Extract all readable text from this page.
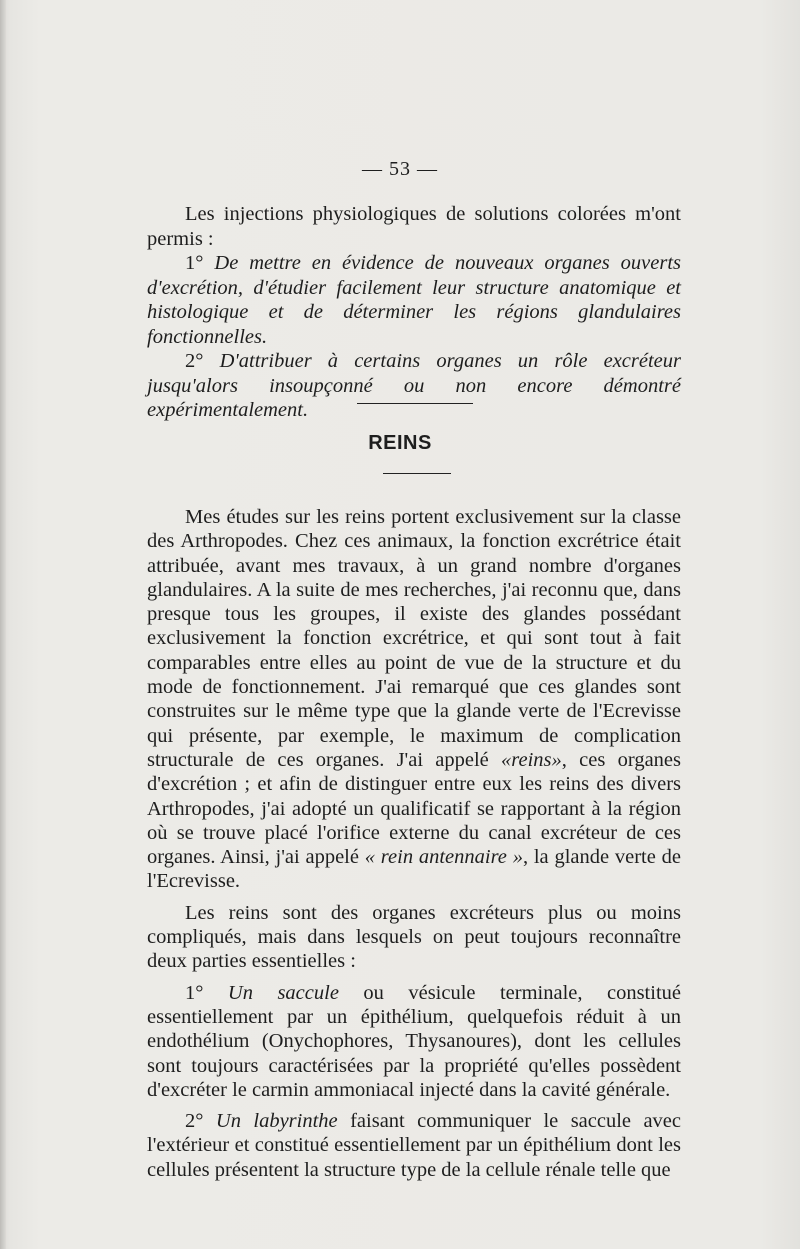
— 53 —

Les injections physiologiques de solutions colorées m'ont permis :

1° De mettre en évidence de nouveaux organes ouverts d'excrétion, d'étudier facilement leur structure anatomique et histologique et de déterminer les régions glandulaires fonctionnelles.

2° D'attribuer à certains organes un rôle excréteur jusqu'alors insoupçonné ou non encore démontré expérimentalement.

REINS

Mes études sur les reins portent exclusivement sur la classe des Arthropodes. Chez ces animaux, la fonction excrétrice était attribuée, avant mes travaux, à un grand nombre d'organes glandulaires. A la suite de mes recherches, j'ai reconnu que, dans presque tous les groupes, il existe des glandes possédant exclusivement la fonction excrétrice, et qui sont tout à fait comparables entre elles au point de vue de la structure et du mode de fonctionnement. J'ai remarqué que ces glandes sont construites sur le même type que la glande verte de l'Ecrevisse qui présente, par exemple, le maximum de complication structurale de ces organes. J'ai appelé «reins», ces organes d'excrétion ; et afin de distinguer entre eux les reins des divers Arthropodes, j'ai adopté un qualificatif se rapportant à la région où se trouve placé l'orifice externe du canal excréteur de ces organes. Ainsi, j'ai appelé « rein antennaire », la glande verte de l'Ecrevisse.

Les reins sont des organes excréteurs plus ou moins compliqués, mais dans lesquels on peut toujours reconnaître deux parties essentielles :

1° Un saccule ou vésicule terminale, constitué essentiellement par un épithélium, quelquefois réduit à un endothélium (Onychophores, Thysanoures), dont les cellules sont toujours caractérisées par la propriété qu'elles possèdent d'excréter le carmin ammoniacal injecté dans la cavité générale.

2° Un labyrinthe faisant communiquer le saccule avec l'extérieur et constitué essentiellement par un épithélium dont les cellules présentent la structure type de la cellule rénale telle que
